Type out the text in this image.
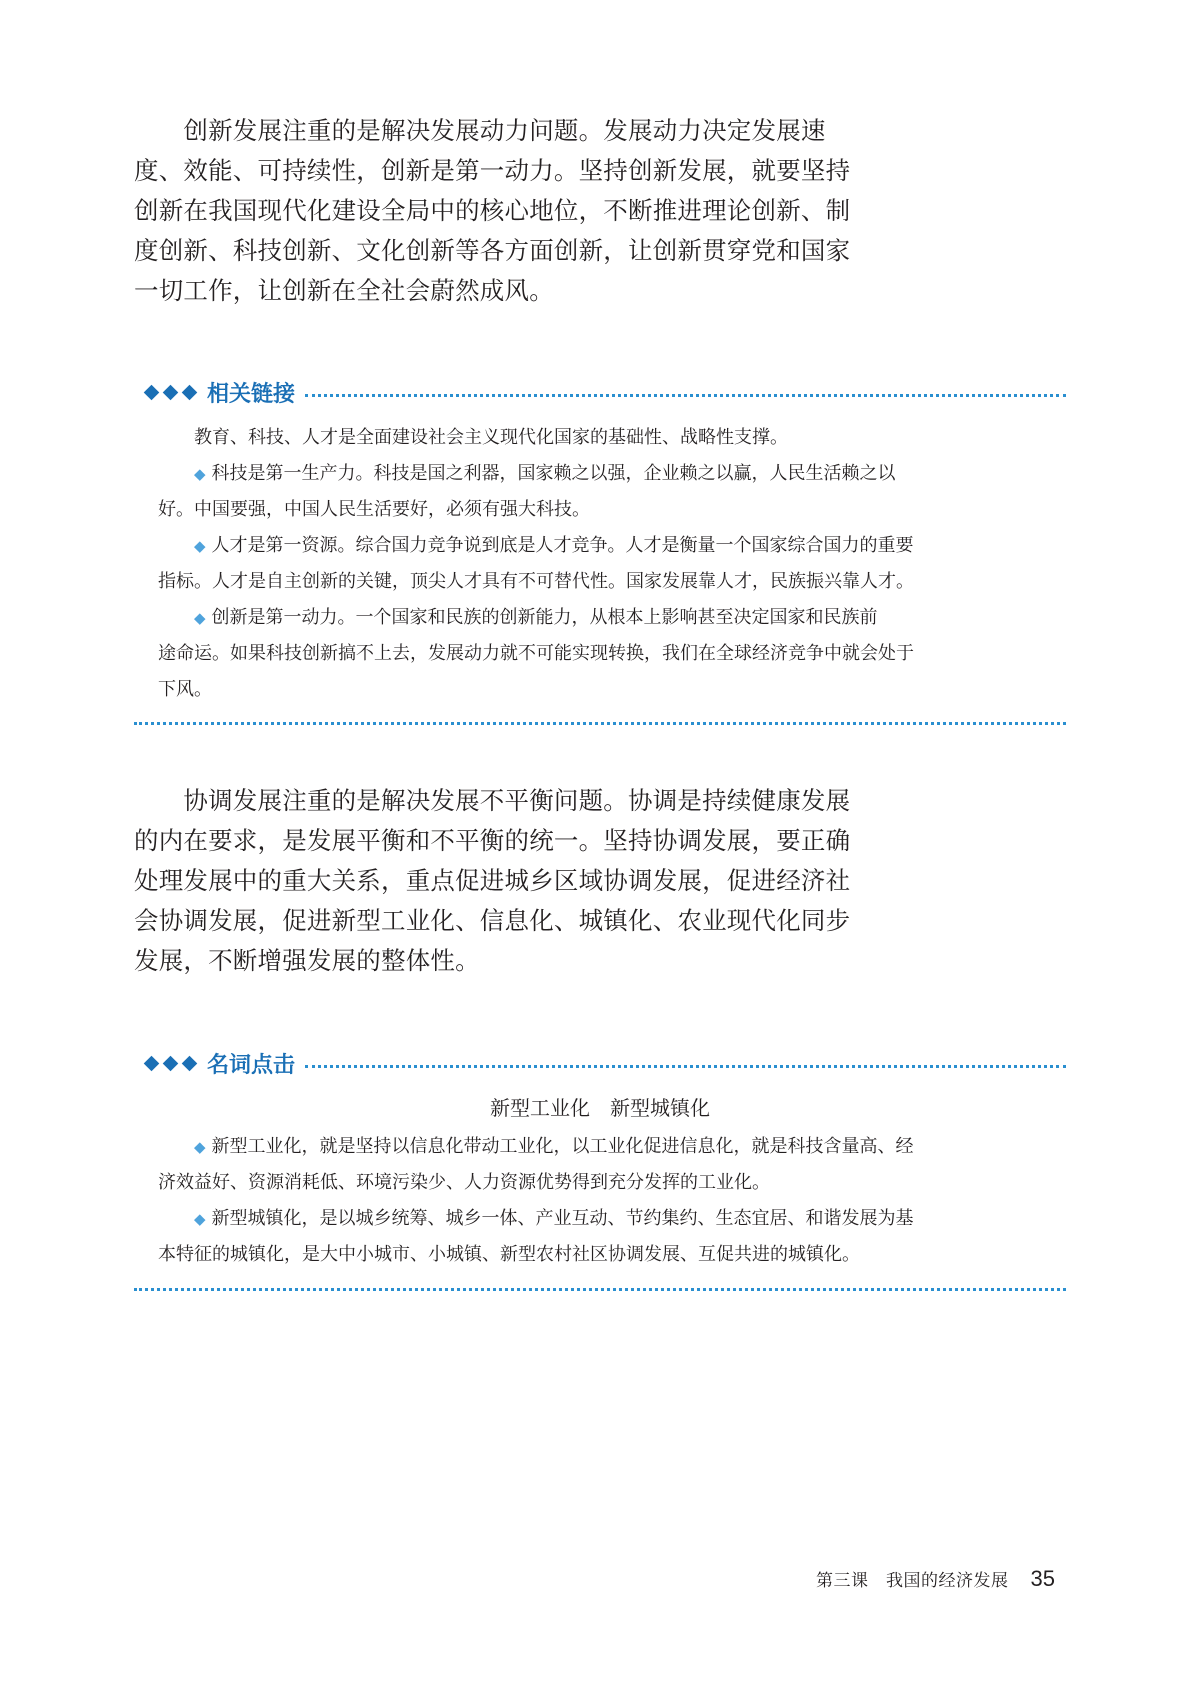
　　创新发展注重的是解决发展动力问题。发展动力决定发展速
度、效能、可持续性，创新是第一动力。坚持创新发展，就要坚持
创新在我国现代化建设全局中的核心地位，不断推进理论创新、制
度创新、科技创新、文化创新等各方面创新，让创新贯穿党和国家
一切工作，让创新在全社会蔚然成风。
相关链接
　　教育、科技、人才是全面建设社会主义现代化国家的基础性、战略性支撑。
　　◆ 科技是第一生产力。科技是国之利器，国家赖之以强，企业赖之以赢，人民生活赖之以
好。中国要强，中国人民生活要好，必须有强大科技。
　　◆ 人才是第一资源。综合国力竞争说到底是人才竞争。人才是衡量一个国家综合国力的重要
指标。人才是自主创新的关键，顶尖人才具有不可替代性。国家发展靠人才，民族振兴靠人才。
　　◆ 创新是第一动力。一个国家和民族的创新能力，从根本上影响甚至决定国家和民族前
途命运。如果科技创新搞不上去，发展动力就不可能实现转换，我们在全球经济竞争中就会处于
下风。
　　协调发展注重的是解决发展不平衡问题。协调是持续健康发展
的内在要求，是发展平衡和不平衡的统一。坚持协调发展，要正确
处理发展中的重大关系，重点促进城乡区域协调发展，促进经济社
会协调发展，促进新型工业化、信息化、城镇化、农业现代化同步
发展，不断增强发展的整体性。
名词点击
新型工业化　新型城镇化
　　◆ 新型工业化，就是坚持以信息化带动工业化，以工业化促进信息化，就是科技含量高、经
济效益好、资源消耗低、环境污染少、人力资源优势得到充分发挥的工业化。
　　◆ 新型城镇化，是以城乡统筹、城乡一体、产业互动、节约集约、生态宜居、和谐发展为基
本特征的城镇化，是大中小城市、小城镇、新型农村社区协调发展、互促共进的城镇化。
第三课　我国的经济发展 35
